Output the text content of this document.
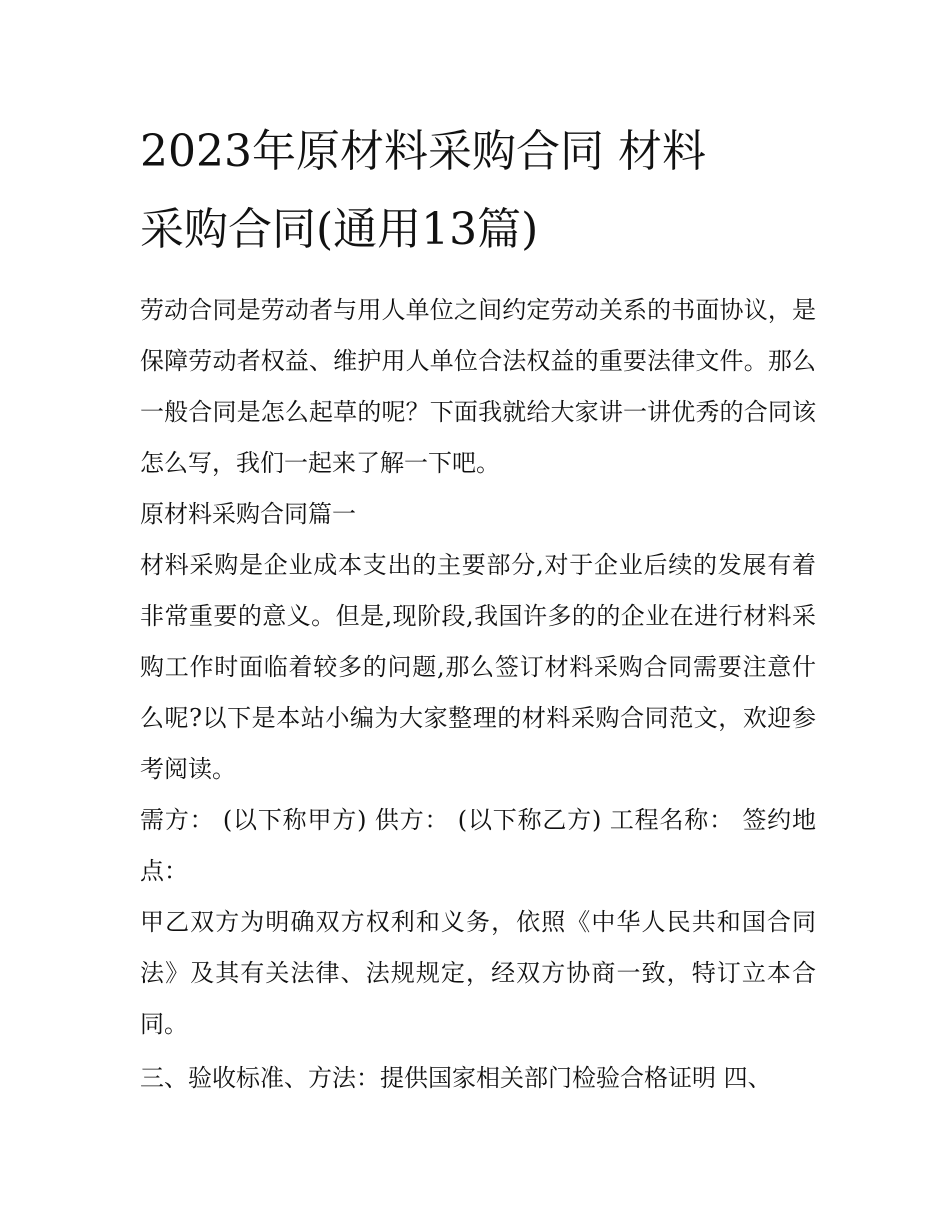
2023年原材料采购合同 材料
采购合同(通用13篇)

劳动合同是劳动者与用人单位之间约定劳动关系的书面协议，是保障劳动者权益、维护用人单位合法权益的重要法律文件。那么一般合同是怎么起草的呢？下面我就给大家讲一讲优秀的合同该怎么写，我们一起来了解一下吧。

原材料采购合同篇一

材料采购是企业成本支出的主要部分,对于企业后续的发展有着非常重要的意义。但是,现阶段,我国许多的的企业在进行材料采购工作时面临着较多的问题,那么签订材料采购合同需要注意什么呢?以下是本站小编为大家整理的材料采购合同范文，欢迎参考阅读。

需方： (以下称甲方) 供方： (以下称乙方) 工程名称： 签约地点：

甲乙双方为明确双方权利和义务，依照《中华人民共和国合同法》及其有关法律、法规规定，经双方协商一致，特订立本合同。

三、验收标准、方法：提供国家相关部门检验合格证明 四、
